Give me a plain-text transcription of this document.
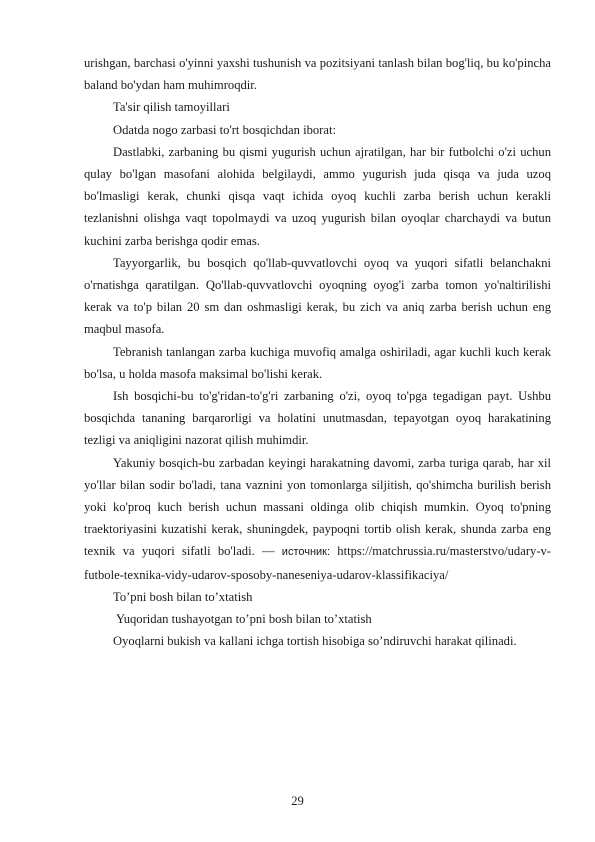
urishgan, barchasi o'yinni yaxshi tushunish va pozitsiyani tanlash bilan bog'liq, bu ko'pincha baland bo'ydan ham muhimroqdir.

Ta'sir qilish tamoyillari

Odatda nogo zarbasi to'rt bosqichdan iborat:

Dastlabki, zarbaning bu qismi yugurish uchun ajratilgan, har bir futbolchi o'zi uchun qulay bo'lgan masofani alohida belgilaydi, ammo yugurish juda qisqa va juda uzoq bo'lmasligi kerak, chunki qisqa vaqt ichida oyoq kuchli zarba berish uchun kerakli tezlanishni olishga vaqt topolmaydi va uzoq yugurish bilan oyoqlar charchaydi va butun kuchini zarba berishga qodir emas.

Tayyorgarlik, bu bosqich qo'llab-quvvatlovchi oyoq va yuqori sifatli belanchakni o'rnatishga qaratilgan. Qo'llab-quvvatlovchi oyoqning oyog'i zarba tomon yo'naltirilishi kerak va to'p bilan 20 sm dan oshmasligi kerak, bu zich va aniq zarba berish uchun eng maqbul masofa.

Tebranish tanlangan zarba kuchiga muvofiq amalga oshiriladi, agar kuchli kuch kerak bo'lsa, u holda masofa maksimal bo'lishi kerak.

Ish bosqichi-bu to'g'ridan-to'g'ri zarbaning o'zi, oyoq to'pga tegadigan payt. Ushbu bosqichda tananing barqarorligi va holatini unutmasdan, tepayotgan oyoq harakatining tezligi va aniqligini nazorat qilish muhimdir.

Yakuniy bosqich-bu zarbadan keyingi harakatning davomi, zarba turiga qarab, har xil yo'llar bilan sodir bo'ladi, tana vaznini yon tomonlarga siljitish, qo'shimcha burilish berish yoki ko'proq kuch berish uchun massani oldinga olib chiqish mumkin. Oyoq to'pning traektoriyasini kuzatishi kerak, shuningdek, paypoqni tortib olish kerak, shunda zarba eng texnik va yuqori sifatli bo'ladi. — источник: https://matchrussia.ru/masterstvo/udary-v-futbole-texnika-vidy-udarov-sposoby-naneseniya-udarov-klassifikaciya/

To’pni bosh bilan to’xtatish

Yuqoridan tushayotgan to’pni bosh bilan to’xtatish

Oyoqlarni bukish va kallani ichga tortish hisobiga so’ndiruvchi harakat qilinadi.

29
